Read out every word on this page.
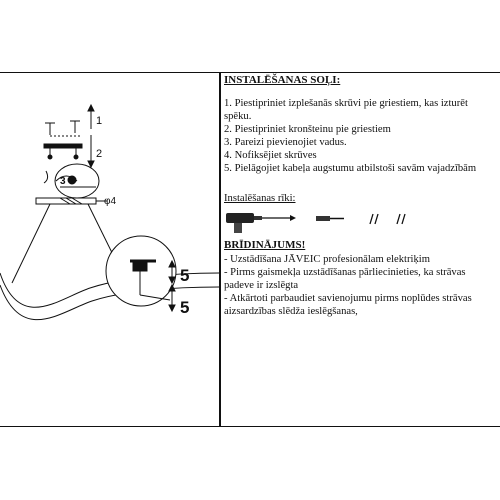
1
2
3
φ4
5
5
INSTALĒŠANAS SOĻI:
1. Piestipriniet izplešanās skrūvi pie griestiem, kas izturēt spēku.
2. Piestipriniet kronšteinu pie griestiem
3. Pareizi pievienojiet vadus.
4. Nofiksējiet skrūves
5. Pielāgojiet kabeļa augstumu atbilstoši savām vajadzībām
Instalēšanas rīki:
BRĪDINĀJUMS!
- Uzstādīšana JĀVEIC profesionālam elektriķim
- Pirms gaismekļa uzstādīšanas pārliecinieties, ka strāvas padeve ir izslēgta
- Atkārtoti parbaudiet savienojumu pirms noplūdes strāvas aizsardzības slēdža ieslēgšanas,
